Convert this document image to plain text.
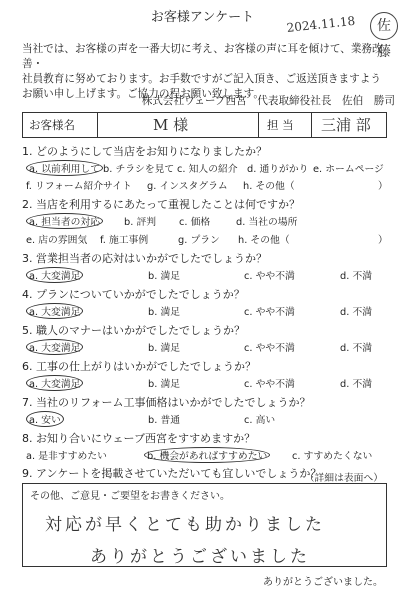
お客様アンケート	2024.11.18	佐藤
当社では、お客様の声を一番大切に考え、お客様の声に耳を傾けて、業務改善・
社員教育に努めております。お手数ですがご記入頂き、ご返送頂きますよう
お願い申し上げます。ご協力の程お願い致します。
株式会社ウェーブ西宮　代表取締役社長　佐伯　勝司
お客様名	M 様	担 当 三浦 部
1. どのようにして当店をお知りになりましたか？
a. 以前利用して b. チラシを見て c. 知人の紹介 d. 通りがかり e. ホームページ
f. リフォーム紹介サイト g. インスタグラム h. その他（	）
2. 当店を利用するにあたって重視したことは何ですか？
a. 担当者の対応	b. 評判 c. 価格	d. 当社の場所
e. 店の雰囲気 f. 施工事例	g. プラン h. その他（	）
3. 営業担当者の応対はいかがでしたでしょうか？
a. 大変満足	b. 満足	c. やや不満	d. 不満
4. プランについていかがでしたでしょうか？
a. 大変満足	b. 満足	c. やや不満	d. 不満
5. 職人のマナーはいかがでしたでしょうか？
a. 大変満足	b. 満足	c. やや不満	d. 不満
6. 工事の仕上がりはいかがでしたでしょうか？
a. 大変満足	b. 満足	c. やや不満	d. 不満
7. 当社のリフォーム工事価格はいかがでしたでしょうか？
a. 安い	b. 普通	c. 高い
8. お知り合いにウェーブ西宮をすすめますか？
a. 是非すすめたい	b. 機会があればすすめたい	c. すすめたくない
9. アンケートを掲載させていただいても宜しいでしょうか？
（詳細は表面へ）
その他、ご意見・ご要望をお書きください。
対応が早くとても助かりました
ありがとうございました
ありがとうございました。
